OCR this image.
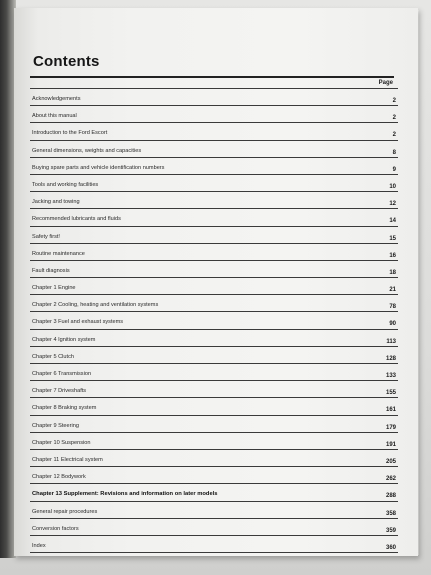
Contents
Page
Acknowledgements	2
About this manual	2
Introduction to the Ford Escort	2
General dimensions, weights and capacities	8
Buying spare parts and vehicle identification numbers	9
Tools and working facilities	10
Jacking and towing	12
Recommended lubricants and fluids	14
Safety first!	15
Routine maintenance	16
Fault diagnosis	18
Chapter 1 Engine	21
Chapter 2 Cooling, heating and ventilation systems	78
Chapter 3 Fuel and exhaust systems	90
Chapter 4 Ignition system	113
Chapter 5 Clutch	128
Chapter 6 Transmission	133
Chapter 7 Driveshafts	155
Chapter 8 Braking system	161
Chapter 9 Steering	179
Chapter 10 Suspension	191
Chapter 11 Electrical system	205
Chapter 12 Bodywork	262
Chapter 13 Supplement: Revisions and information on later models	288
General repair procedures	358
Conversion factors	359
Index	360
